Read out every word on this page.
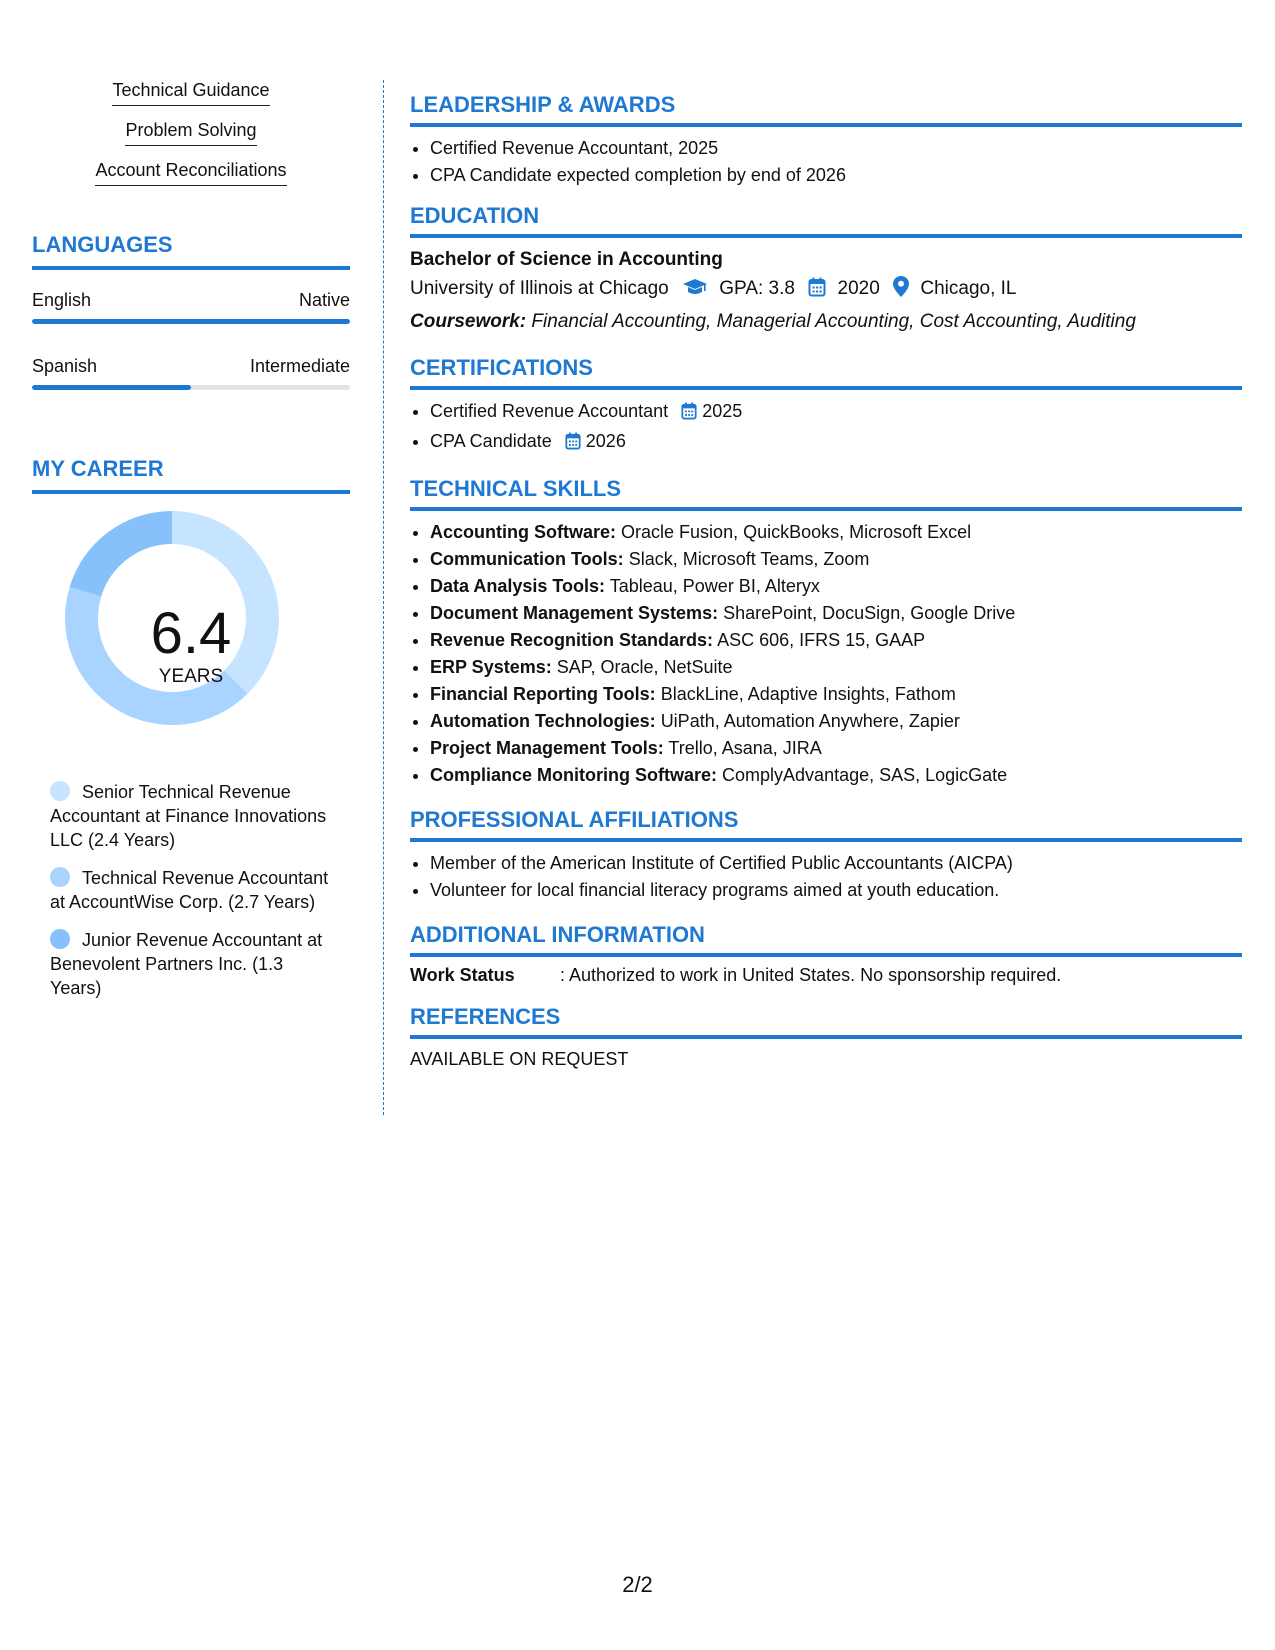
Technical Guidance
Problem Solving
Account Reconciliations
LANGUAGES
English	Native
Spanish	Intermediate
MY CAREER
6.4
YEARS
Senior Technical Revenue Accountant at Finance Innovations LLC (2.4 Years)
Technical Revenue Accountant at AccountWise Corp. (2.7 Years)
Junior Revenue Accountant at Benevolent Partners Inc. (1.3 Years)
LEADERSHIP & AWARDS
• Certified Revenue Accountant, 2025
• CPA Candidate expected completion by end of 2026
EDUCATION
Bachelor of Science in Accounting
University of Illinois at Chicago	GPA: 3.8 2020 Chicago, IL
Coursework: Financial Accounting, Managerial Accounting, Cost Accounting, Auditing
CERTIFICATIONS
• Certified Revenue Accountant 2025
• CPA Candidate 2026
TECHNICAL SKILLS
• Accounting Software: Oracle Fusion, QuickBooks, Microsoft Excel
• Communication Tools: Slack, Microsoft Teams, Zoom
• Data Analysis Tools: Tableau, Power BI, Alteryx
• Document Management Systems: SharePoint, DocuSign, Google Drive
• Revenue Recognition Standards: ASC 606, IFRS 15, GAAP
• ERP Systems: SAP, Oracle, NetSuite
• Financial Reporting Tools: BlackLine, Adaptive Insights, Fathom
• Automation Technologies: UiPath, Automation Anywhere, Zapier
• Project Management Tools: Trello, Asana, JIRA
• Compliance Monitoring Software: ComplyAdvantage, SAS, LogicGate
PROFESSIONAL AFFILIATIONS
• Member of the American Institute of Certified Public Accountants (AICPA)
• Volunteer for local financial literacy programs aimed at youth education.
ADDITIONAL INFORMATION
Work Status	: Authorized to work in United States. No sponsorship required.
REFERENCES
AVAILABLE ON REQUEST
2/2
